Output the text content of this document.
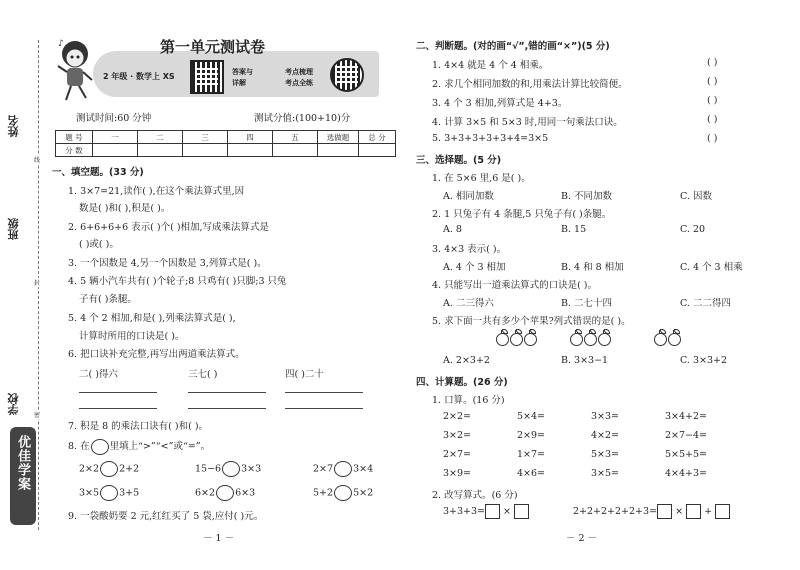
姓名
班级
学校
线
封
密
优佳学案
♪	第一单元测试卷
2 年级 · 数学上 XS	答案与
详解
考点梳理
考点全练
测试时间:60 分钟	测试分值:(100+10)分
题 号	一	二	三	四	五	选做题	总 分
分 数							
一、填空题。(33 分)
1. 3×7=21,读作( ),在这个乘法算式里,因
数是( )和( ),积是( )。
2. 6+6+6+6 表示( )个( )相加,写成乘法算式是
( )或( )。
3. 一个因数是 4,另一个因数是 3,列算式是( )。
4. 5 辆小汽车共有( )个轮子;8 只鸡有( )只脚;3 只兔
子有( )条腿。
5. 4 个 2 相加,和是( ),列乘法算式是( ),
计算时所用的口诀是( )。
6. 把口诀补充完整,再写出两道乘法算式。
二( )得六	三七( )	四( )二十
7. 积是 8 的乘法口诀有( )和( )。
8. 在 里填上“>”“<”或“=”。
2×2 2+2	15−6 3×3	2×7 3×4
3×5 3+5	6×2 6×3	5+2 5×2
9. 一袋酸奶要 2 元,红红买了 5 袋,应付( )元。
－ 1 －
二、判断题。(对的画“√”,错的画“×”)(5 分)
1. 4×4 就是 4 个 4 相乘。
2. 求几个相同加数的和,用乘法计算比较简便。
3. 4 个 3 相加,列算式是 4+3。
4. 计算 3×5 和 5×3 时,用同一句乘法口诀。
5. 3+3+3+3+3+4=3×5
( )
( )
( )
( )
( )
三、选择题。(5 分)
1. 在 5×6 里,6 是( )。
A. 相同加数	B. 不同加数	C. 因数
2. 1 只兔子有 4 条腿,5 只兔子有( )条腿。
A. 8	B. 15	C. 20
3. 4×3 表示( )。
A. 4 个 3 相加	B. 4 和 8 相加	C. 4 个 3 相乘
4. 只能写出一道乘法算式的口诀是( )。
A. 二三得六	B. 二七十四	C. 二二得四
5. 求下面一共有多少个苹果?列式错误的是( )。
A. 2×3+2	B. 3×3−1	C. 3×3+2
四、计算题。(26 分)
1. 口算。(16 分)
2×2=	5×4=	3×3=	3×4+2=
3×2=	2×9=	4×2=	2×7−4=
2×7=	1×7=	5×3=	5×5+5=
3×9=	4×6=	3×5=	4×4+3=
2. 改写算式。(6 分)
3+3+3= ×	2+2+2+2+2+3= × +
－ 2 －
